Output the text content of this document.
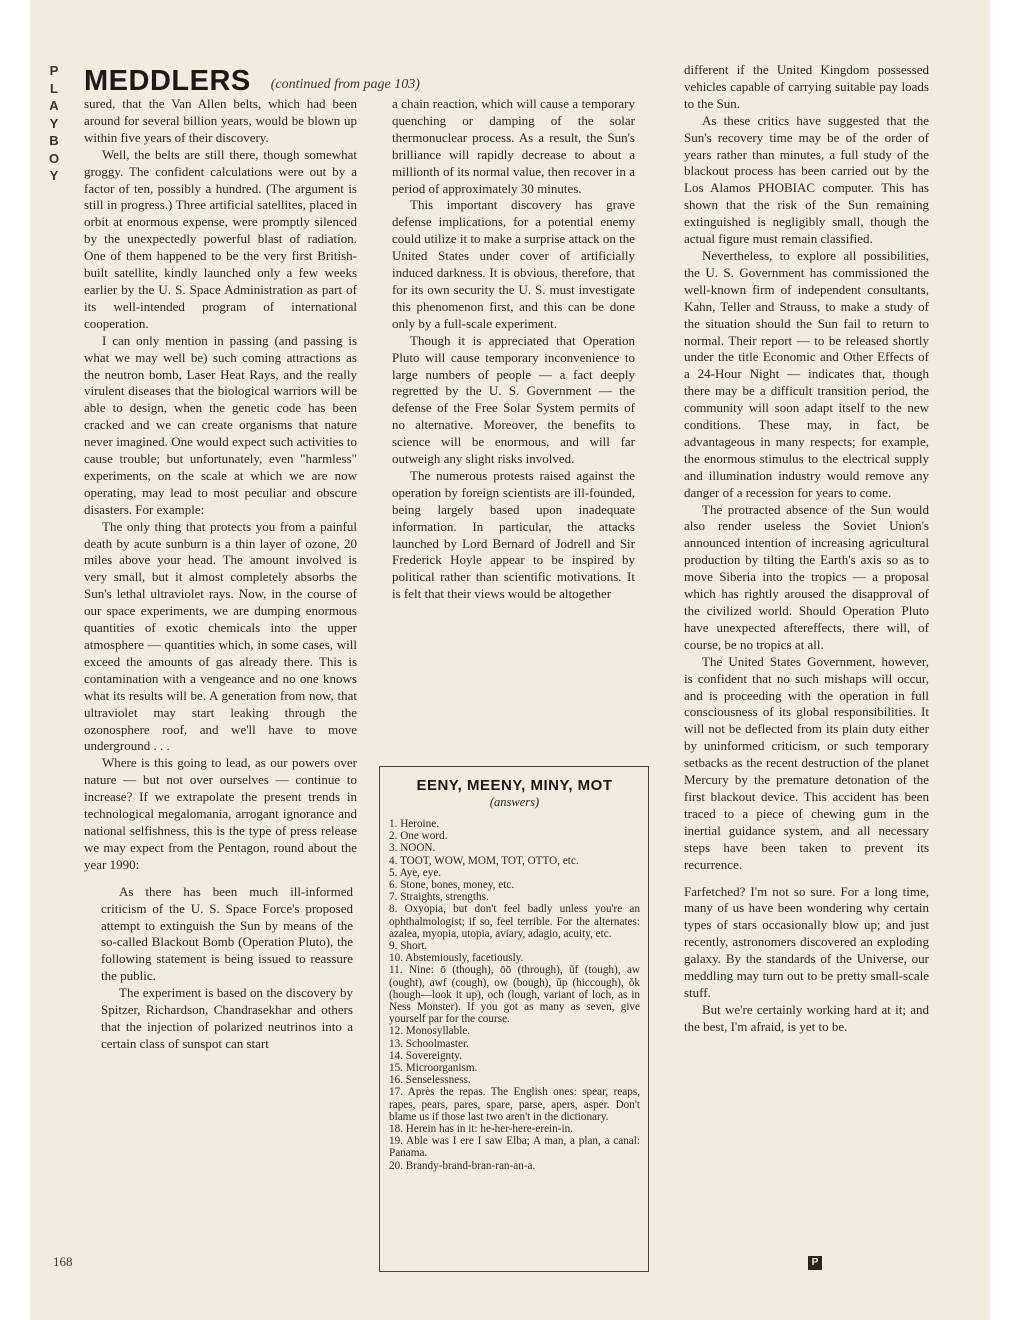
P
L
A
Y
B
O
Y
MEDDLERS (continued from page 103)

sured, that the Van Allen belts, which had been around for several billion years, would be blown up within five years of their discovery.

Well, the belts are still there, though somewhat groggy. The confident calculations were out by a factor of ten, possibly a hundred. (The argument is still in progress.) Three artificial satellites, placed in orbit at enormous expense, were promptly silenced by the unexpectedly powerful blast of radiation. One of them happened to be the very first British-built satellite, kindly launched only a few weeks earlier by the U. S. Space Administration as part of its well-intended program of international cooperation.

I can only mention in passing (and passing is what we may well be) such coming attractions as the neutron bomb, Laser Heat Rays, and the really virulent diseases that the biological warriors will be able to design, when the genetic code has been cracked and we can create organisms that nature never imagined. One would expect such activities to cause trouble; but unfortunately, even "harmless" experiments, on the scale at which we are now operating, may lead to most peculiar and obscure disasters. For example:

The only thing that protects you from a painful death by acute sunburn is a thin layer of ozone, 20 miles above your head. The amount involved is very small, but it almost completely absorbs the Sun's lethal ultraviolet rays. Now, in the course of our space experiments, we are dumping enormous quantities of exotic chemicals into the upper atmosphere — quantities which, in some cases, will exceed the amounts of gas already there. This is contamination with a vengeance and no one knows what its results will be. A generation from now, that ultraviolet may start leaking through the ozonosphere roof, and we'll have to move underground . . .

Where is this going to lead, as our powers over nature — but not over ourselves — continue to increase? If we extrapolate the present trends in technological megalomania, arrogant ignorance and national selfishness, this is the type of press release we may expect from the Pentagon, round about the year 1990:

As there has been much ill-informed criticism of the U. S. Space Force's proposed attempt to extinguish the Sun by means of the so-called Blackout Bomb (Operation Pluto), the following statement is being issued to reassure the public.

The experiment is based on the discovery by Spitzer, Richardson, Chandrasekhar and others that the injection of polarized neutrinos into a certain class of sunspot can start

a chain reaction, which will cause a temporary quenching or damping of the solar thermonuclear process. As a result, the Sun's brilliance will rapidly decrease to about a millionth of its normal value, then recover in a period of approximately 30 minutes.

This important discovery has grave defense implications, for a potential enemy could utilize it to make a surprise attack on the United States under cover of artificially induced darkness. It is obvious, therefore, that for its own security the U. S. must investigate this phenomenon first, and this can be done only by a full-scale experiment.

Though it is appreciated that Operation Pluto will cause temporary inconvenience to large numbers of people — a fact deeply regretted by the U. S. Government — the defense of the Free Solar System permits of no alternative. Moreover, the benefits to science will be enormous, and will far outweigh any slight risks involved.

The numerous protests raised against the operation by foreign scientists are ill-founded, being largely based upon inadequate information. In particular, the attacks launched by Lord Bernard of Jodrell and Sir Frederick Hoyle appear to be inspired by political rather than scientific motivations. It is felt that their views would be altogether

EENY, MEENY, MINY, MOT
(answers)
1. Heroine.
2. One word.
3. NOON.
4. TOOT, WOW, MOM, TOT, OTTO, etc.
5. Aye, eye.
6. Stone, bones, money, etc.
7. Straights, strengths.
8. Oxyopia, but don't feel badly unless you're an ophthalmologist; if so, feel terrible. For the alternates: azalea, myopia, utopia, aviary, adagio, acuity, etc.
9. Short.
10. Abstemiously, facetiously.
11. Nine: ō (though), ōō (through), ŭf (tough), aw (ought), awf (cough), ow (bough), ŭp (hiccough), ŏk (hough—look it up), och (lough, variant of loch, as in Ness Monster). If you got as many as seven, give yourself par for the course.
12. Monosyllable.
13. Schoolmaster.
14. Sovereignty.
15. Microorganism.
16. Senselessness.
17. Après the repas. The English ones: spear, reaps, rapes, pears, pares, spare, parse, apers, asper. Don't blame us if those last two aren't in the dictionary.
18. Herein has in it: he-her-here-erein-in.
19. Able was I ere I saw Elba; A man, a plan, a canal: Panama.
20. Brandy-brand-bran-ran-an-a.

different if the United Kingdom possessed vehicles capable of carrying suitable pay loads to the Sun.

As these critics have suggested that the Sun's recovery time may be of the order of years rather than minutes, a full study of the blackout process has been carried out by the Los Alamos PHOBIAC computer. This has shown that the risk of the Sun remaining extinguished is negligibly small, though the actual figure must remain classified.

Nevertheless, to explore all possibilities, the U. S. Government has commissioned the well-known firm of independent consultants, Kahn, Teller and Strauss, to make a study of the situation should the Sun fail to return to normal. Their report — to be released shortly under the title Economic and Other Effects of a 24-Hour Night — indicates that, though there may be a difficult transition period, the community will soon adapt itself to the new conditions. These may, in fact, be advantageous in many respects; for example, the enormous stimulus to the electrical supply and illumination industry would remove any danger of a recession for years to come.

The protracted absence of the Sun would also render useless the Soviet Union's announced intention of increasing agricultural production by tilting the Earth's axis so as to move Siberia into the tropics — a proposal which has rightly aroused the disapproval of the civilized world. Should Operation Pluto have unexpected aftereffects, there will, of course, be no tropics at all.

The United States Government, however, is confident that no such mishaps will occur, and is proceeding with the operation in full consciousness of its global responsibilities. It will not be deflected from its plain duty either by uninformed criticism, or such temporary setbacks as the recent destruction of the planet Mercury by the premature detonation of the first blackout device. This accident has been traced to a piece of chewing gum in the inertial guidance system, and all necessary steps have been taken to prevent its recurrence.

Farfetched? I'm not so sure. For a long time, many of us have been wondering why certain types of stars occasionally blow up; and just recently, astronomers discovered an exploding galaxy. By the standards of the Universe, our meddling may turn out to be pretty small-scale stuff.

But we're certainly working hard at it; and the best, I'm afraid, is yet to be.

168	P
